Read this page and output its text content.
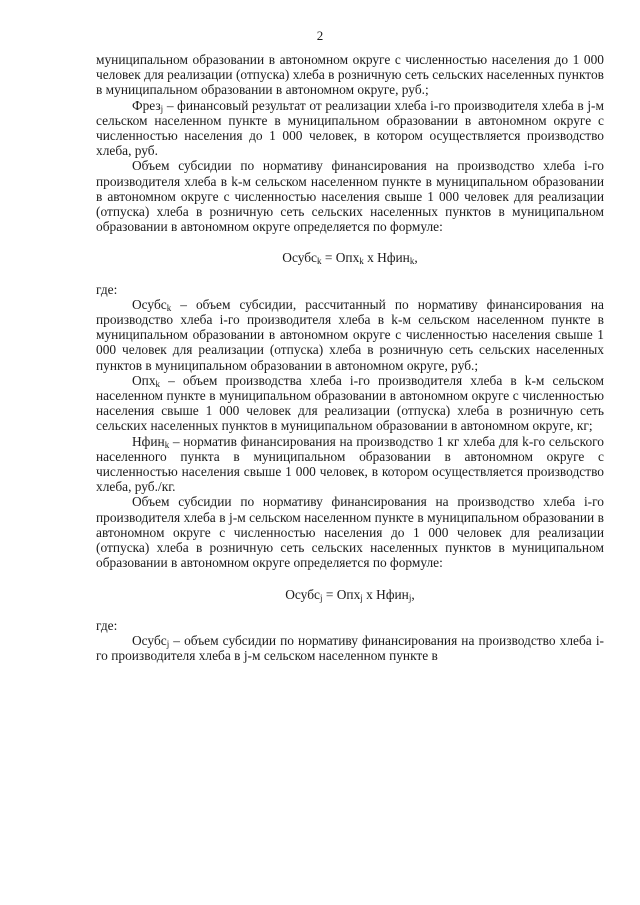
2

муниципальном образовании в автономном округе с численностью населения до 1 000 человек для реализации (отпуска) хлеба в розничную сеть сельских населенных пунктов в муниципальном образовании в автономном округе, руб.;

Фрез$_j$ – финансовый результат от реализации хлеба i-го производителя хлеба в j-м сельском населенном пункте в муниципальном образовании в автономном округе с численностью населения до 1 000 человек, в котором осуществляется производство хлеба, руб.

Объем субсидии по нормативу финансирования на производство хлеба i-го производителя хлеба в k-м сельском населенном пункте в муниципальном образовании в автономном округе с численностью населения свыше 1 000 человек для реализации (отпуска) хлеба в розничную сеть сельских населенных пунктов в муниципальном образовании в автономном округе определяется по формуле:

Осубс$_k$ = Опх$_k$ х Нфин$_k$,

где:

Осубс$_k$ – объем субсидии, рассчитанный по нормативу финансирования на производство хлеба i-го производителя хлеба в k-м сельском населенном пункте в муниципальном образовании в автономном округе с численностью населения свыше 1 000 человек для реализации (отпуска) хлеба в розничную сеть сельских населенных пунктов в муниципальном образовании в автономном округе, руб.;

Опх$_k$ – объем производства хлеба i-го производителя хлеба в k-м сельском населенном пункте в муниципальном образовании в автономном округе с численностью населения свыше 1 000 человек для реализации (отпуска) хлеба в розничную сеть сельских населенных пунктов в муниципальном образовании в автономном округе, кг;

Нфин$_k$ – норматив финансирования на производство 1 кг хлеба для k-го сельского населенного пункта в муниципальном образовании в автономном округе с численностью населения свыше 1 000 человек, в котором осуществляется производство хлеба, руб./кг.

Объем субсидии по нормативу финансирования на производство хлеба i-го производителя хлеба в j-м сельском населенном пункте в муниципальном образовании в автономном округе с численностью населения до 1 000 человек для реализации (отпуска) хлеба в розничную сеть сельских населенных пунктов в муниципальном образовании в автономном округе определяется по формуле:

Осубс$_j$ = Опх$_j$ х Нфин$_j$,

где:

Осубс$_j$ – объем субсидии по нормативу финансирования на производство хлеба i-го производителя хлеба в j-м сельском населенном пункте в
